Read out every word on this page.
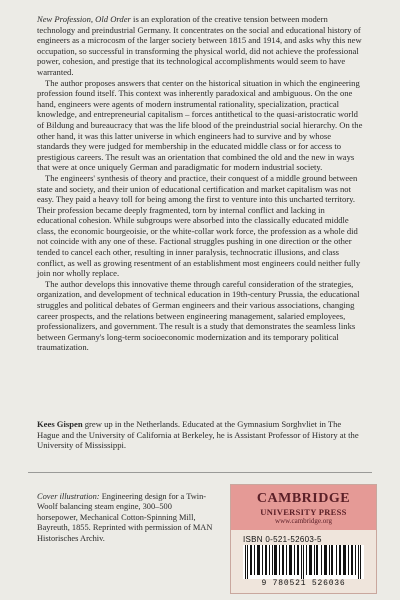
New Profession, Old Order is an exploration of the creative tension between modern technology and preindustrial Germany. It concentrates on the social and educational history of engineers as a microcosm of the larger society between 1815 and 1914, and asks why this new occupation, so successful in transforming the physical world, did not achieve the professional power, cohesion, and prestige that its technological accomplishments would seem to have warranted.

The author proposes answers that center on the historical situation in which the engineering profession found itself. This context was inherently paradoxical and ambiguous. On the one hand, engineers were agents of modern instrumental rationality, specialization, practical knowledge, and entrepreneurial capitalism – forces antithetical to the quasi-aristocratic world of Bildung and bureaucracy that was the life blood of the preindustrial social hierarchy. On the other hand, it was this latter universe in which engineers had to survive and by whose standards they were judged for membership in the educated middle class or for access to prestigious careers. The result was an orientation that combined the old and the new in ways that were at once uniquely German and paradigmatic for modern industrial society.

The engineers' synthesis of theory and practice, their conquest of a middle ground between state and society, and their union of educational certification and market capitalism was not easy. They paid a heavy toll for being among the first to venture into this uncharted territory. Their profession became deeply fragmented, torn by internal conflict and lacking in educational cohesion. While subgroups were absorbed into the classically educated middle class, the economic bourgeoisie, or the white-collar work force, the profession as a whole did not coincide with any one of these. Factional struggles pushing in one direction or the other tended to cancel each other, resulting in inner paralysis, technocratic illusions, and class conflict, as well as growing resentment of an establishment most engineers could neither fully join nor wholly replace.

The author develops this innovative theme through careful consideration of the strategies, organization, and development of technical education in 19th-century Prussia, the educational struggles and political debates of German engineers and their various associations, changing career prospects, and the relations between engineering management, salaried employees, professionalizers, and government. The result is a study that demonstrates the seamless links between Germany's long-term socioeconomic modernization and its temporary political traumatization.

Kees Gispen grew up in the Netherlands. Educated at the Gymnasium Sorghvliet in The Hague and the University of California at Berkeley, he is Assistant Professor of History at the University of Mississippi.
Cover illustration: Engineering design for a Twin-Woolf balancing steam engine, 300–500 horsepower, Mechanical Cotton-Spinning Mill, Bayreuth, 1855. Reprinted with permission of MAN Historisches Archiv.
CAMBRIDGE
UNIVERSITY PRESS
www.cambridge.org
ISBN 0-521-52603-5
9 780521 526036
